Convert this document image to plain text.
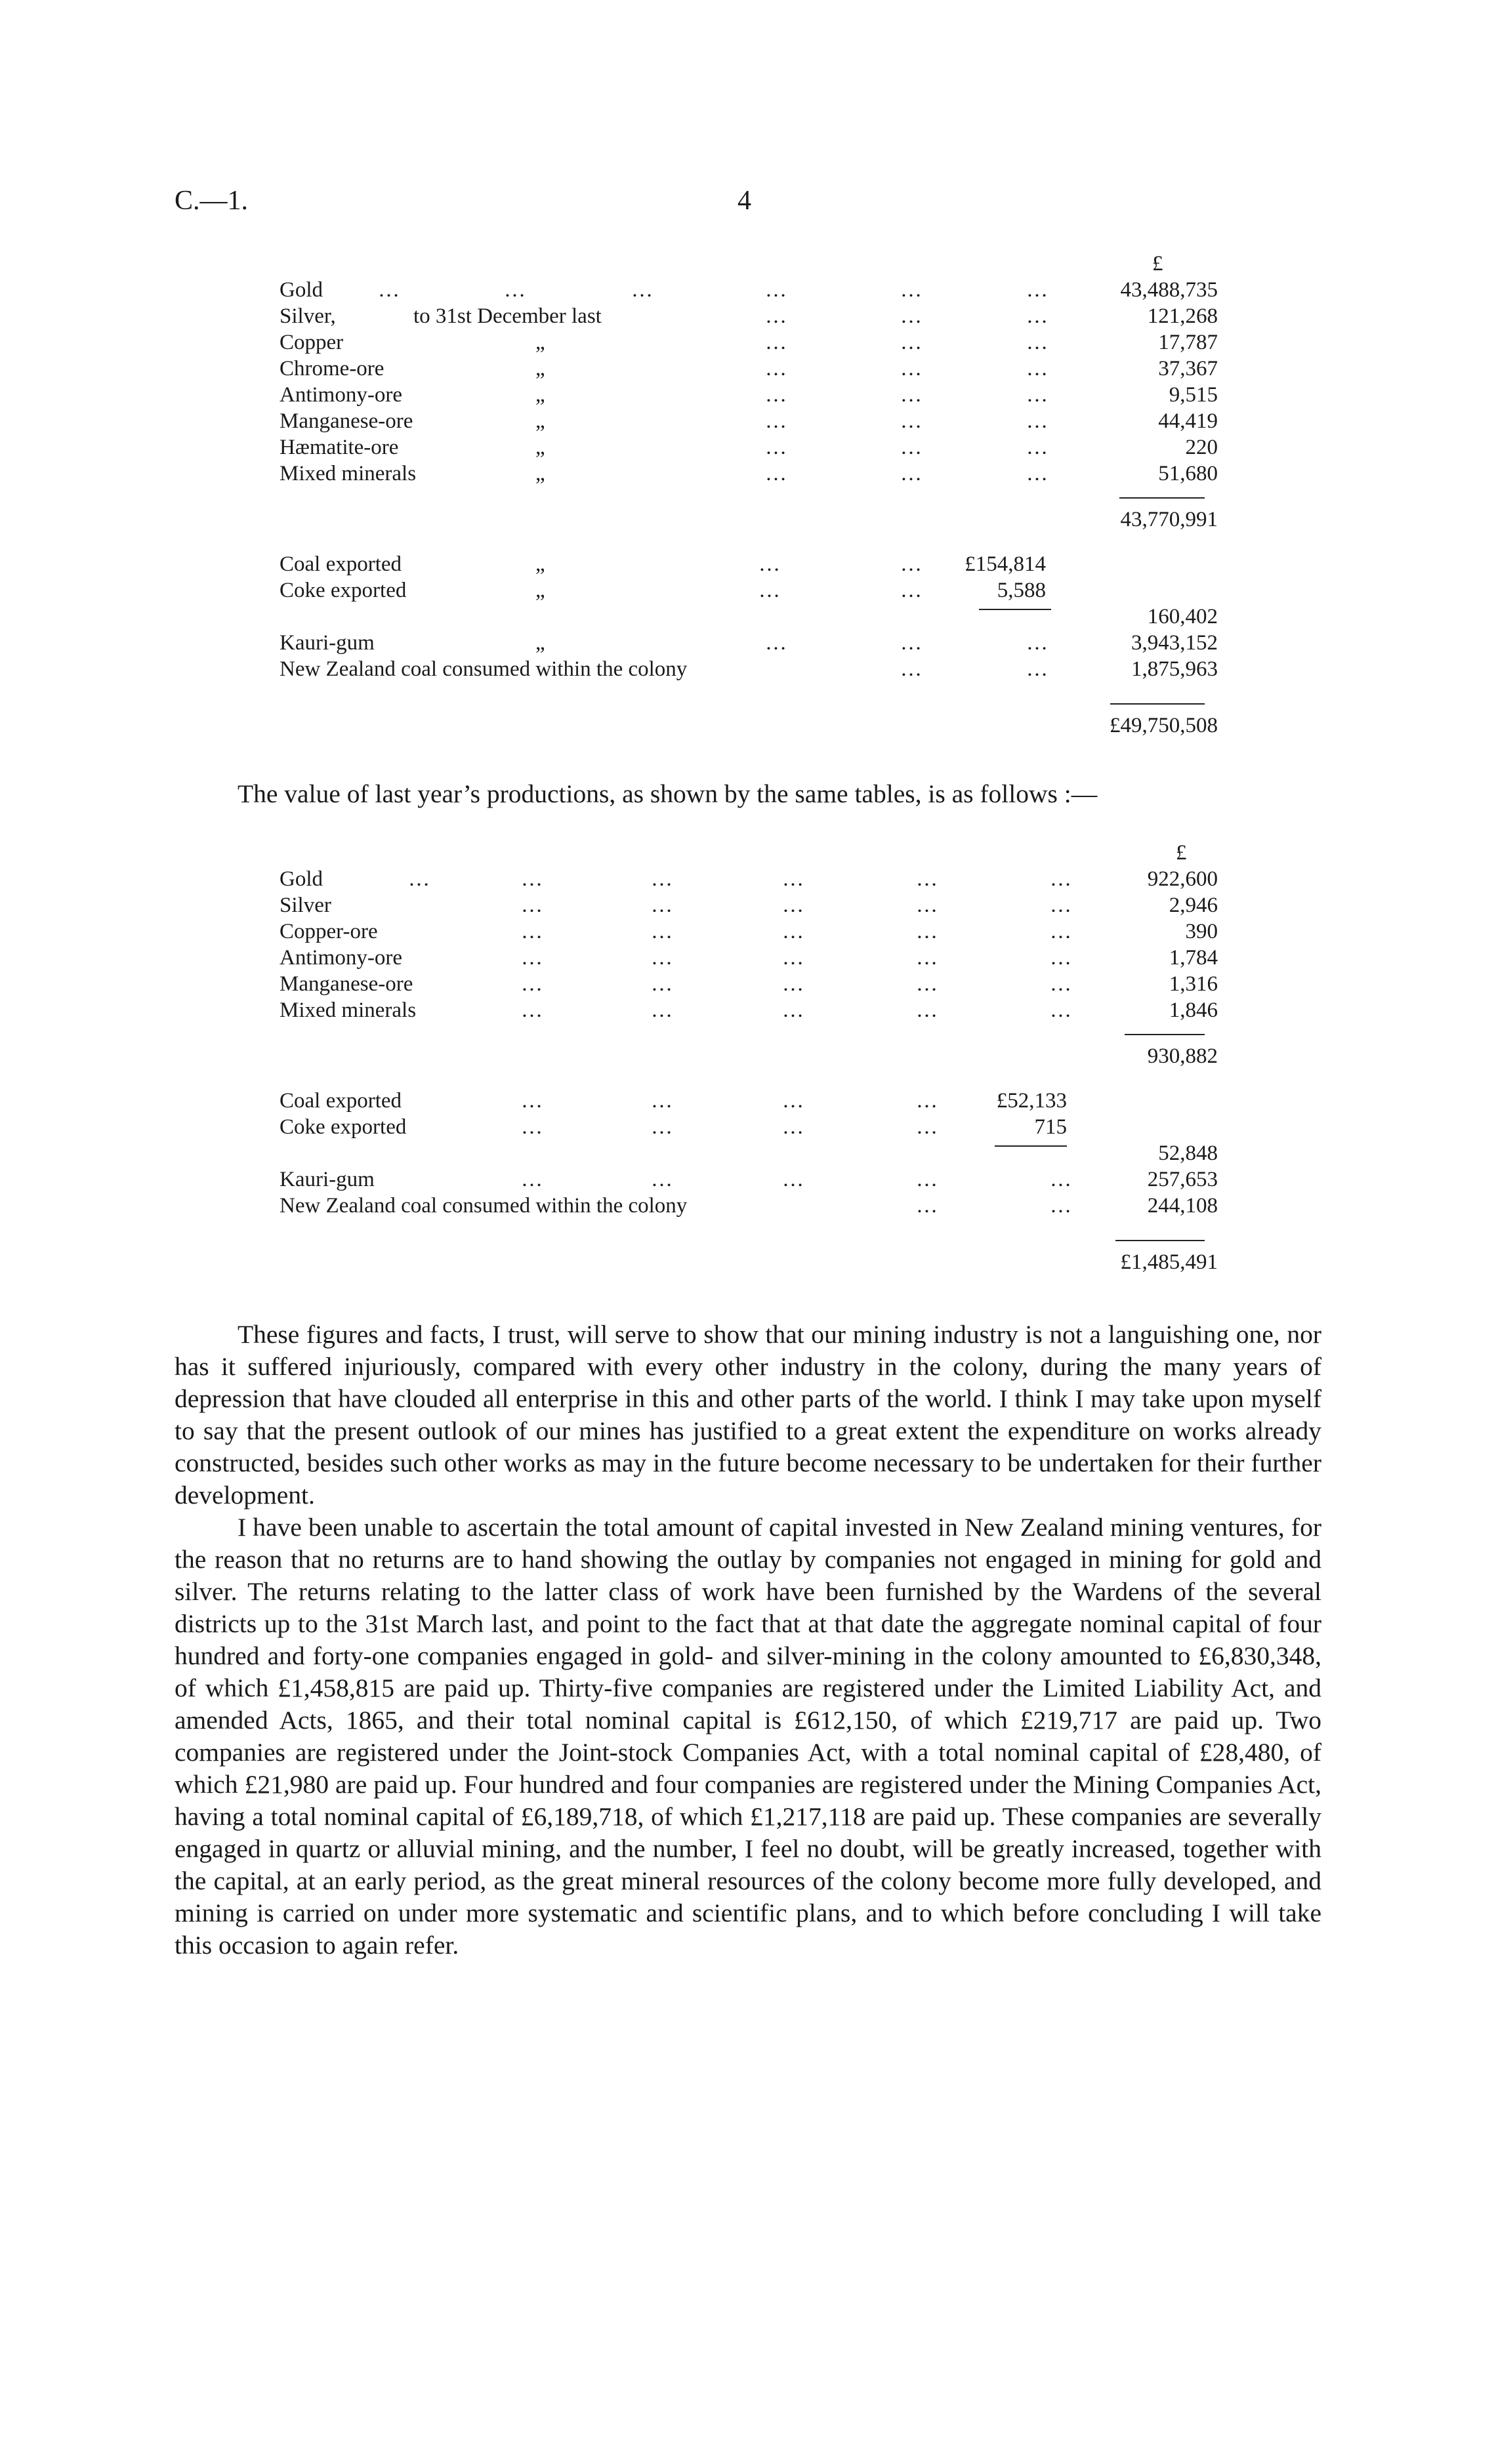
C.—1.	4
£
Gold	…	…	…	…	…	…	43,488,735
Silver,	to 31st December last	…	…	…	121,268
Copper	„	…	…	…	17,787
Chrome-ore	„	…	…	…	37,367
Antimony-ore	„	…	…	…	9,515
Manganese-ore	„	…	…	…	44,419
Hæmatite-ore	„	…	…	…	220
Mixed minerals	„	…	…	…	51,680
43,770,991
Coal exported	„	…	… £154,814
Coke exported	„	…	…	5,588
160,402
Kauri-gum	„	…	…	…	3,943,152
New Zealand coal consumed within the colony	…	…	1,875,963
£49,750,508

The value of last year’s productions, as shown by the same tables, is as follows :—

£
Gold	…	…	…	…	…	…	922,600
Silver	…	…	…	…	…	2,946
Copper-ore	…	…	…	…	…	390
Antimony-ore	…	…	…	…	…	1,784
Manganese-ore	…	…	…	…	…	1,316
Mixed minerals	…	…	…	…	…	1,846
930,882
Coal exported	…	…	…	…	£52,133
Coke exported	…	…	…	…	715
52,848
Kauri-gum	…	…	…	…	…	257,653
New Zealand coal consumed within the colony	…	…	244,108
£1,485,491

These figures and facts, I trust, will serve to show that our mining industry is not a languishing one, nor has it suffered injuriously, compared with every other industry in the colony, during the many years of depression that have clouded all enterprise in this and other parts of the world. I think I may take upon myself to say that the present outlook of our mines has justified to a great extent the expenditure on works already constructed, besides such other works as may in the future become necessary to be undertaken for their further development.

I have been unable to ascertain the total amount of capital invested in New Zealand mining ventures, for the reason that no returns are to hand showing the outlay by companies not engaged in mining for gold and silver. The returns relating to the latter class of work have been furnished by the Wardens of the several districts up to the 31st March last, and point to the fact that at that date the aggregate nominal capital of four hundred and forty-one companies engaged in gold- and silver-mining in the colony amounted to £6,830,348, of which £1,458,815 are paid up. Thirty-five companies are registered under the Limited Liability Act, and amended Acts, 1865, and their total nominal capital is £612,150, of which £219,717 are paid up. Two companies are registered under the Joint-stock Companies Act, with a total nominal capital of £28,480, of which £21,980 are paid up. Four hundred and four companies are registered under the Mining Companies Act, having a total nominal capital of £6,189,718, of which £1,217,118 are paid up. These companies are severally engaged in quartz or alluvial mining, and the number, I feel no doubt, will be greatly increased, together with the capital, at an early period, as the great mineral resources of the colony become more fully developed, and mining is carried on under more systematic and scientific plans, and to which before concluding I will take this occasion to again refer.
